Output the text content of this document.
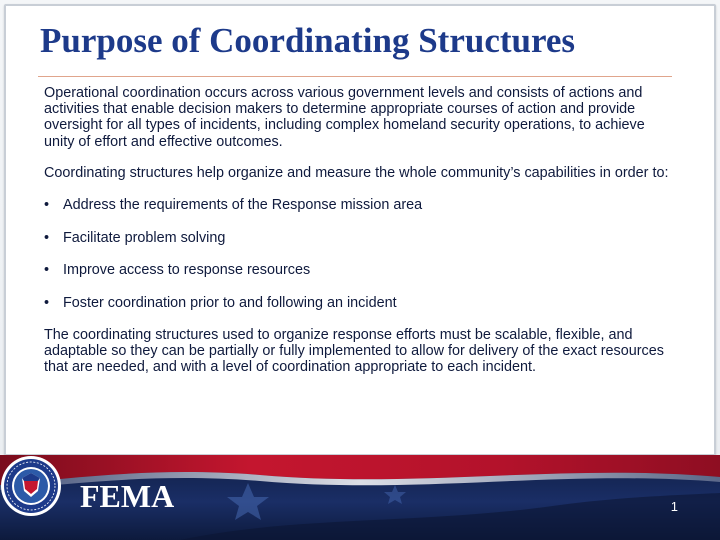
Purpose of Coordinating Structures

Operational coordination occurs across various government levels and consists of actions and activities that enable decision makers to determine appropriate courses of action and provide oversight for all types of incidents, including complex homeland security operations, to achieve unity of effort and effective outcomes.

Coordinating structures help organize and measure the whole community’s capabilities in order to:

• Address the requirements of the Response mission area
• Facilitate problem solving
• Improve access to response resources
• Foster coordination prior to and following an incident

The coordinating structures used to organize response efforts must be scalable, flexible, and adaptable so they can be partially or fully implemented to allow for delivery of the exact resources that are needed, and with a level of coordination appropriate to each incident.

FEMA	1
